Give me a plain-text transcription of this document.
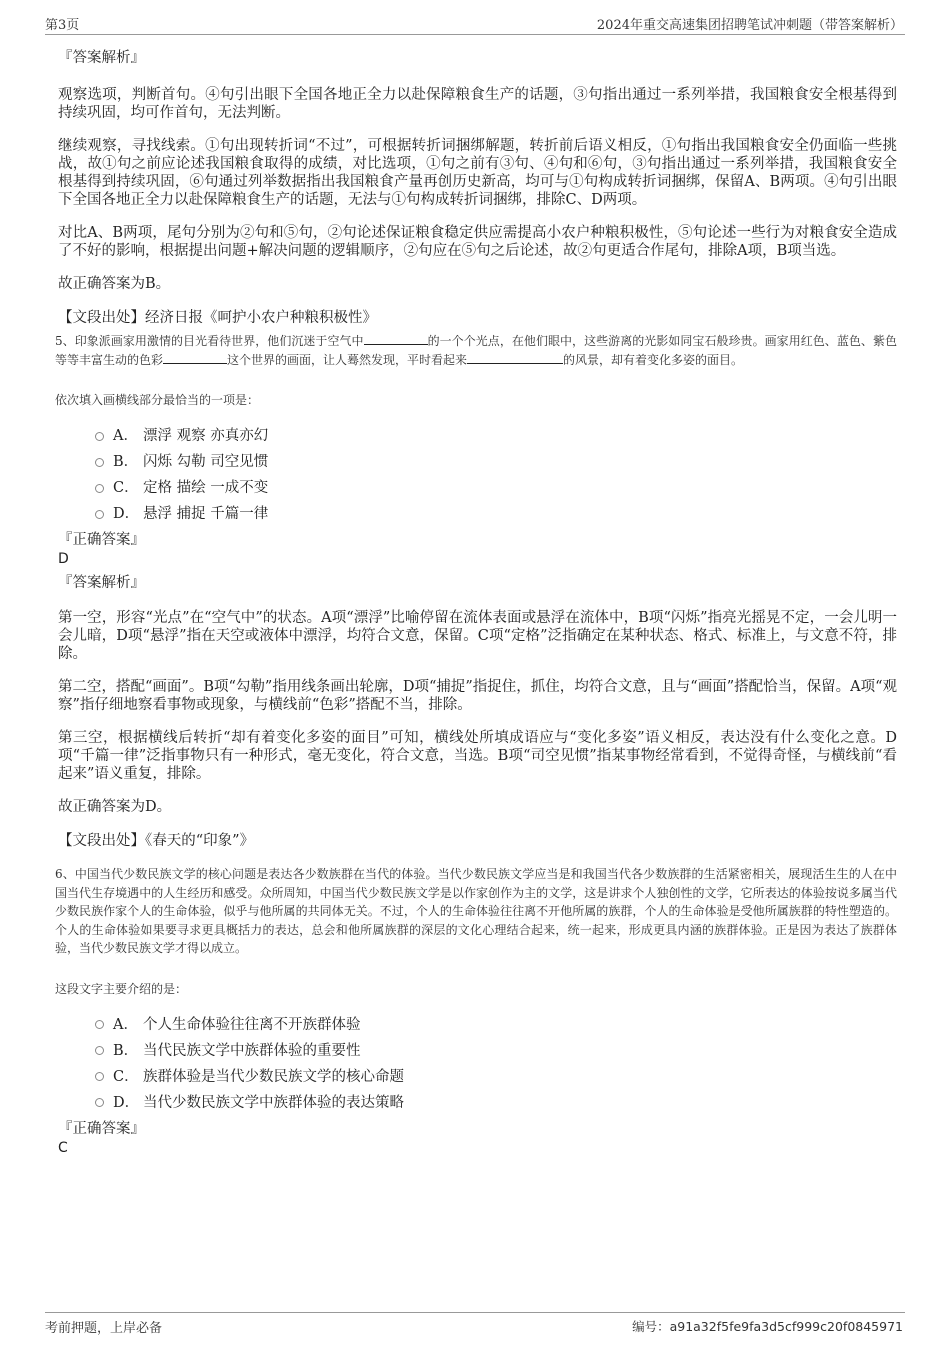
第3页	2024年重交高速集团招聘笔试冲刺题（带答案解析）
『答案解析』

观察选项，判断首句。④句引出眼下全国各地正全力以赴保障粮食生产的话题，③句指出通过一系列举措，我国粮食安全根基得到持续巩固，均可作首句，无法判断。

继续观察，寻找线索。①句出现转折词“不过”，可根据转折词捆绑解题，转折前后语义相反，①句指出我国粮食安全仍面临一些挑战，故①句之前应论述我国粮食取得的成绩，对比选项，①句之前有③句、④句和⑥句，③句指出通过一系列举措，我国粮食安全根基得到持续巩固，⑥句通过列举数据指出我国粮食产量再创历史新高，均可与①句构成转折词捆绑，保留A、B两项。④句引出眼下全国各地正全力以赴保障粮食生产的话题，无法与①句构成转折词捆绑，排除C、D两项。

对比A、B两项，尾句分别为②句和⑤句，②句论述保证粮食稳定供应需提高小农户种粮积极性，⑤句论述一些行为对粮食安全造成了不好的影响，根据提出问题+解决问题的逻辑顺序，②句应在⑤句之后论述，故②句更适合作尾句，排除A项，B项当选。

故正确答案为B。

【文段出处】经济日报《呵护小农户种粮积极性》

5、印象派画家用激情的目光看待世界，他们沉迷于空气中	的一个个光点，在他们眼中，这些游离的光影如同宝石般珍贵。画家用红色、蓝色、紫色等等丰富生动的色彩	这个世界的画面，让人蓦然发现，平时看起来	的风景，却有着变化多姿的面目。

依次填入画横线部分最恰当的一项是：
A． 漂浮 观察 亦真亦幻
B． 闪烁 勾勒 司空见惯
C． 定格 描绘 一成不变
D． 悬浮 捕捉 千篇一律
『正确答案』
D
『答案解析』

第一空，形容“光点”在“空气中”的状态。A项“漂浮”比喻停留在流体表面或悬浮在流体中，B项“闪烁”指亮光摇晃不定，一会儿明一会儿暗，D项“悬浮”指在天空或液体中漂浮，均符合文意，保留。C项“定格”泛指确定在某种状态、格式、标准上，与文意不符，排除。

第二空，搭配“画面”。B项“勾勒”指用线条画出轮廓，D项“捕捉”指捉住，抓住，均符合文意，且与“画面”搭配恰当，保留。A项“观察”指仔细地察看事物或现象，与横线前“色彩”搭配不当，排除。

第三空，根据横线后转折“却有着变化多姿的面目”可知，横线处所填成语应与“变化多姿”语义相反，表达没有什么变化之意。D项“千篇一律”泛指事物只有一种形式，毫无变化，符合文意，当选。B项“司空见惯”指某事物经常看到，不觉得奇怪，与横线前“看起来”语义重复，排除。

故正确答案为D。

【文段出处】《春天的“印象”》

6、中国当代少数民族文学的核心问题是表达各少数族群在当代的体验。当代少数民族文学应当是和我国当代各少数族群的生活紧密相关，展现活生生的人在中国当代生存境遇中的人生经历和感受。众所周知，中国当代少数民族文学是以作家创作为主的文学，这是讲求个人独创性的文学，它所表达的体验按说多属当代少数民族作家个人的生命体验，似乎与他所属的共同体无关。不过，个人的生命体验往往离不开他所属的族群，个人的生命体验是受他所属族群的特性塑造的。个人的生命体验如果要寻求更具概括力的表达，总会和他所属族群的深层的文化心理结合起来，统一起来，形成更具内涵的族群体验。正是因为表达了族群体验，当代少数民族文学才得以成立。

这段文字主要介绍的是：
A． 个人生命体验往往离不开族群体验
B． 当代民族文学中族群体验的重要性
C． 族群体验是当代少数民族文学的核心命题
D． 当代少数民族文学中族群体验的表达策略
『正确答案』
C
考前押题，上岸必备	编号：a91a32f5fe9fa3d5cf999c20f0845971
